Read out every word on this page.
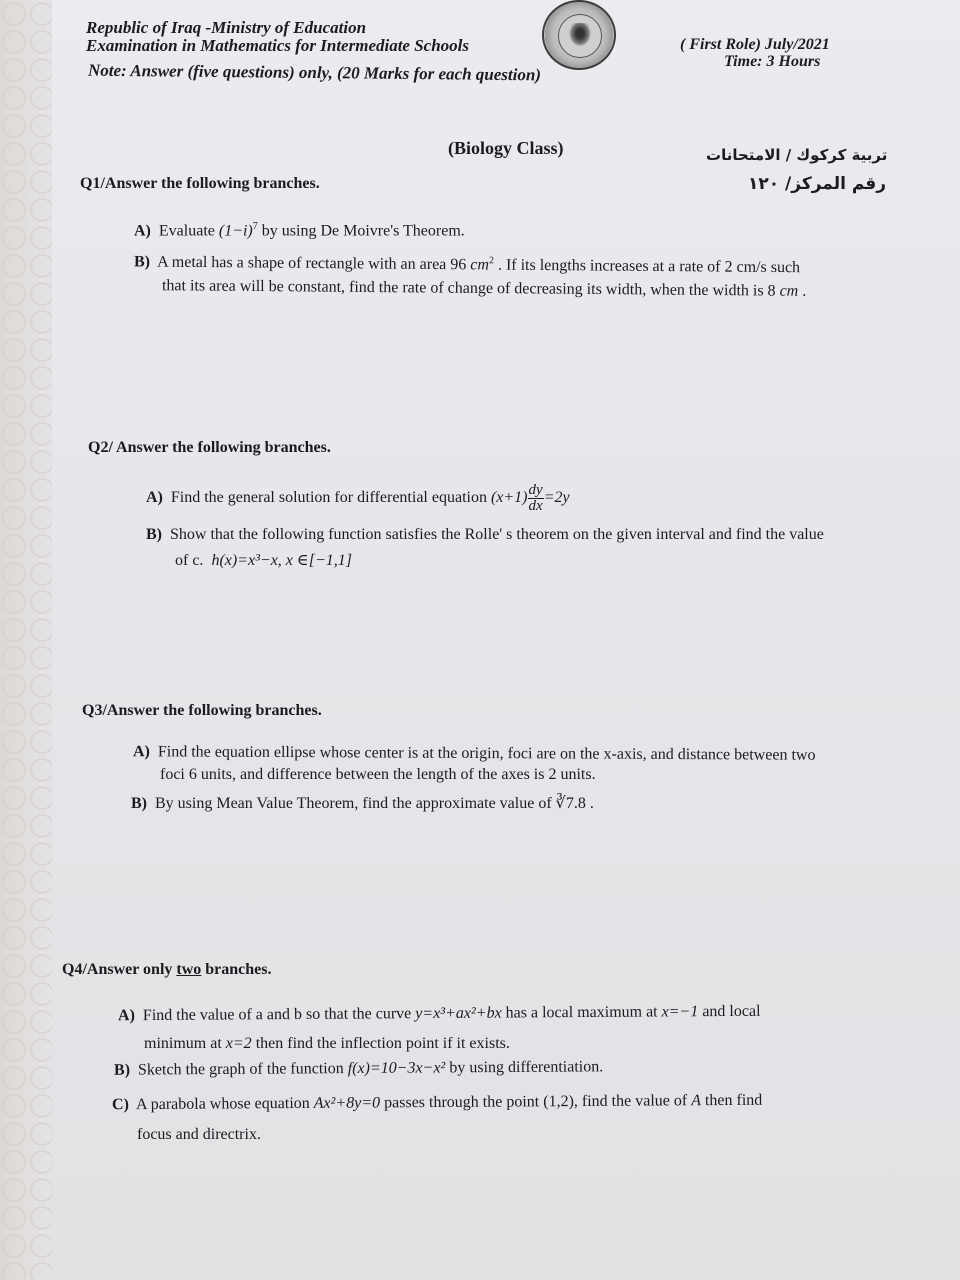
Republic of Iraq -Ministry of Education
Examination in Mathematics for Intermediate Schools
Note: Answer (five questions) only, (20 Marks for each question)
( First Role) July/2021
Time: 3 Hours
(Biology Class)	تربية كركوك / الامتحانات
رقم المركز/ ١٢٠
Q1/Answer the following branches.
A) Evaluate $(1-i)^7$ by using De Moivre's Theorem.
B) A metal has a shape of rectangle with an area 96 $cm^2$ . If its lengths increases at a rate of 2 cm/s such
that its area will be constant, find the rate of change of decreasing its width, when the width is 8 cm .
Q2/ Answer the following branches.
A) Find the general solution for differential equation $(x+1) \frac{dy}{dx} =2y$
B) Show that the following function satisfies the Rolle' s theorem on the given interval and find the value
of c. h(x)=x³−x, x ∈[−1,1]
Q3/Answer the following branches.
A) Find the equation ellipse whose center is at the origin, foci are on the x-axis, and distance between two
foci 6 units, and difference between the length of the axes is 2 units.
B) By using Mean Value Theorem, find the approximate value of ∛7.8 .
Q4/Answer only two branches.
A) Find the value of a and b so that the curve y=x³+ax²+bx has a local maximum at x=−1 and local
minimum at x=2 then find the inflection point if it exists.
B) Sketch the graph of the function f(x)=10−3x−x² by using differentiation.
C) A parabola whose equation Ax²+8y=0 passes through the point (1,2), find the value of A then find
focus and directrix.
